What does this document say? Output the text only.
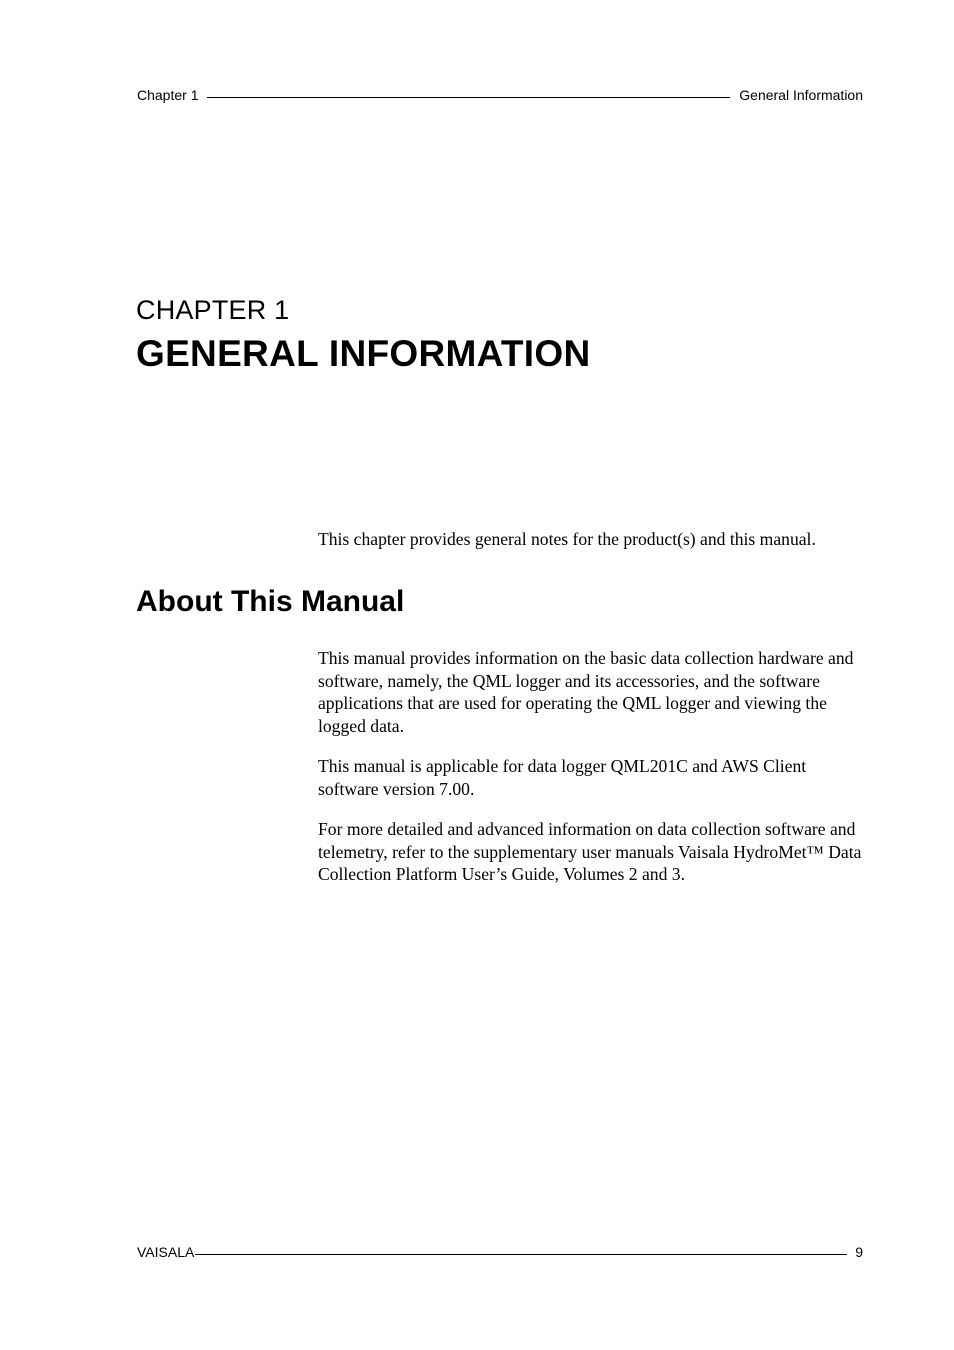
Chapter 1	General Information
CHAPTER 1
GENERAL INFORMATION
This chapter provides general notes for the product(s) and this manual.
About This Manual

This manual provides information on the basic data collection hardware and software, namely, the QML logger and its accessories, and the software applications that are used for operating the QML logger and viewing the logged data.

This manual is applicable for data logger QML201C and AWS Client software version 7.00.

For more detailed and advanced information on data collection software and telemetry, refer to the supplementary user manuals Vaisala HydroMet™ Data Collection Platform User’s Guide, Volumes 2 and 3.

VAISALA	9
